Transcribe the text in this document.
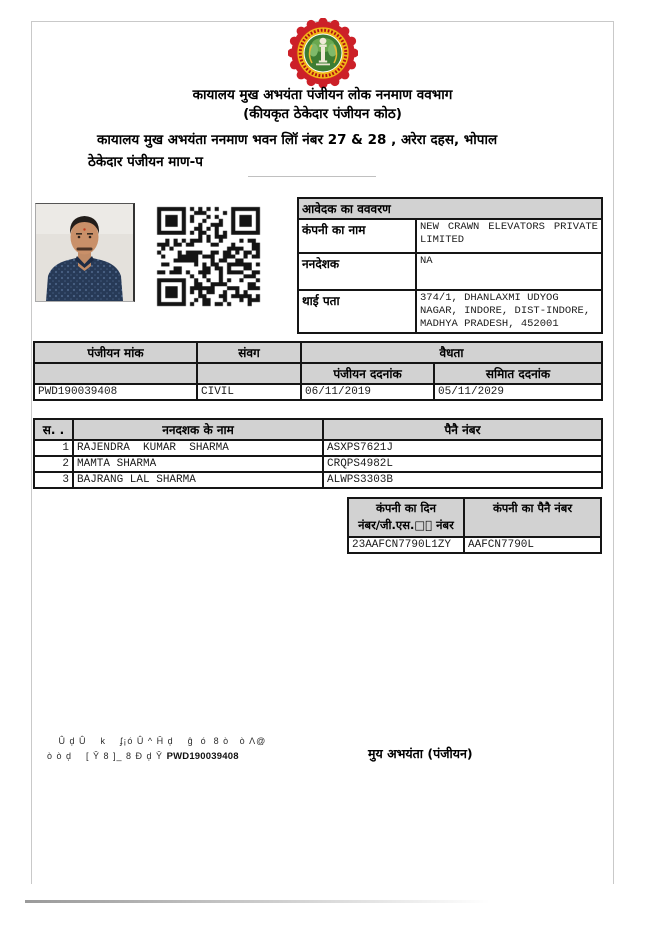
कायालय मुख अभयंता पंजीयन लोक ननमाण ववभाग
(कीयकृत ठेकेदार पंजीयन कोठ)
कायालय मुख अभयंता ननमाण भवन लिॉ नंबर 27 & 28 , अरेरा दहस, भोपाल
ठेकेदार पंजीयन माण-प
आवेदक का वववरण	
कंपनी का नाम	NEW CRAWN ELEVATORS PRIVATE LIMITED
ननदेशक	NA
थाई पता	374/1, DHANLAXMI UDYOG NAGAR, INDORE, DIST-INDORE, MADHYA PRADESH, 452001
पंजीयन मांक	संवग	वैधता	
		पंजीयन ददनांक	समाित ददनांक
PWD190039408	CIVIL	06/11/2019	05/11/2029
स. .	ननदशक के नाम	पैनै नंबर
1	RAJENDRA  KUMAR  SHARMA	ASXPS7621J
2	MAMTA SHARMA	CRQPS4982L
3	BAJRANG LAL SHARMA	ALWPS3303B
कंपनी का दिन
नंबर/जी.एस.□ी नंबर	कंपनी का पैनै नंबर
23AAFCN7790L1ZY	AAFCN7790L
Û ḑ Û    k    ʄ¡ó Û ^ Ĥ ḑ    ĝ  ó  8 ò   ò Λ@
ò ò ḑ    [ Ŷ 8 ]_ 8 Đ ḑ Ŷ PWD190039408	मुय अभयंता (पंजीयन)
